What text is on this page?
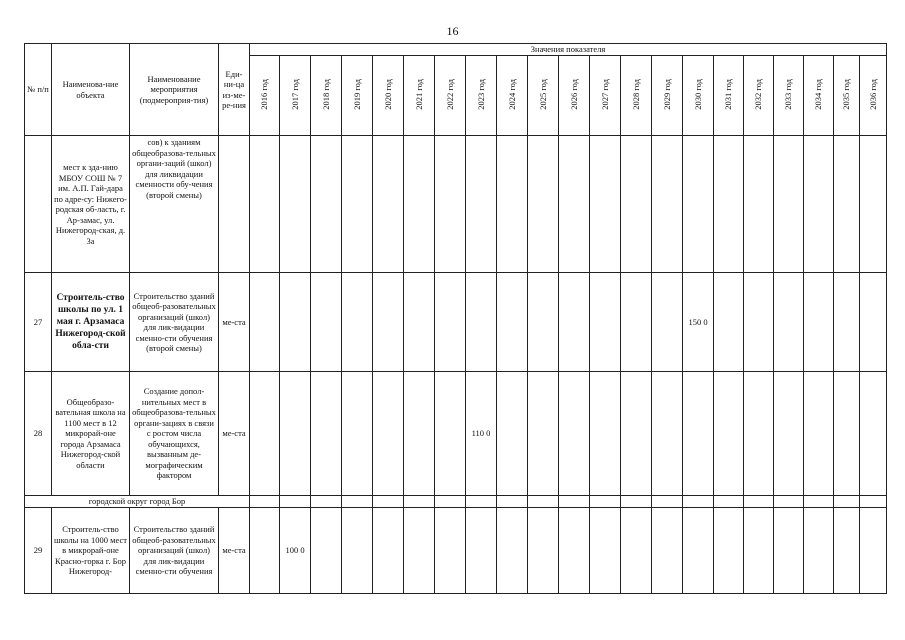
16
№ п/п	Наименова-ние объекта	Наименование мероприятия (подмероприя-тия)	Еди-ни-ца из-ме-ре-ния	Значения показателя																				
				2016 год	2017 год	2018 год	2019 год	2020 год	2021 год	2022 год	2023 год	2024 год	2025 год	2026 год	2027 год	2028 год	2029 год	2030 год	2031 год	2032 год	2033 год	2034 год	2035 год	2036 год

	мест к зда-нию МБОУ СОШ № 7 им. А.П. Гай-дара по адре-су: Нижего-родская об-ласть, г. Ар-замас, ул. Нижегород-ская, д. 3а	сов) к зданиям общеобразова-тельных органи-заций (школ) для ликвидации сменности обу-чения (второй смены)																						

27	Строитель-ство школы по ул. 1 мая г. Арзамаса Нижегород-ской обла-сти	Строительство зданий общеоб-разовательных организаций (школ) для лик-видации сменно-сти обучения (второй смены)	ме-ста															150 0						

28	Общеобразо-вательная школа на 1100 мест в 12 микрорай-оне города Арзамаса Нижегород-ской области	Создание допол-нительных мест в общеобразова-тельных органи-зациях в связи с ростом числа обучающихся, вызванным де-мографическим фактором	ме-ста								110 0													

городской округ город Бор																								
29	Строитель-ство школы на 1000 мест в микрорай-оне Красно-горка г. Бор Нижегород-	Строительство зданий общеоб-разовательных организаций (школ) для лик-видации сменно-сти обучения	ме-ста		100 0																			
